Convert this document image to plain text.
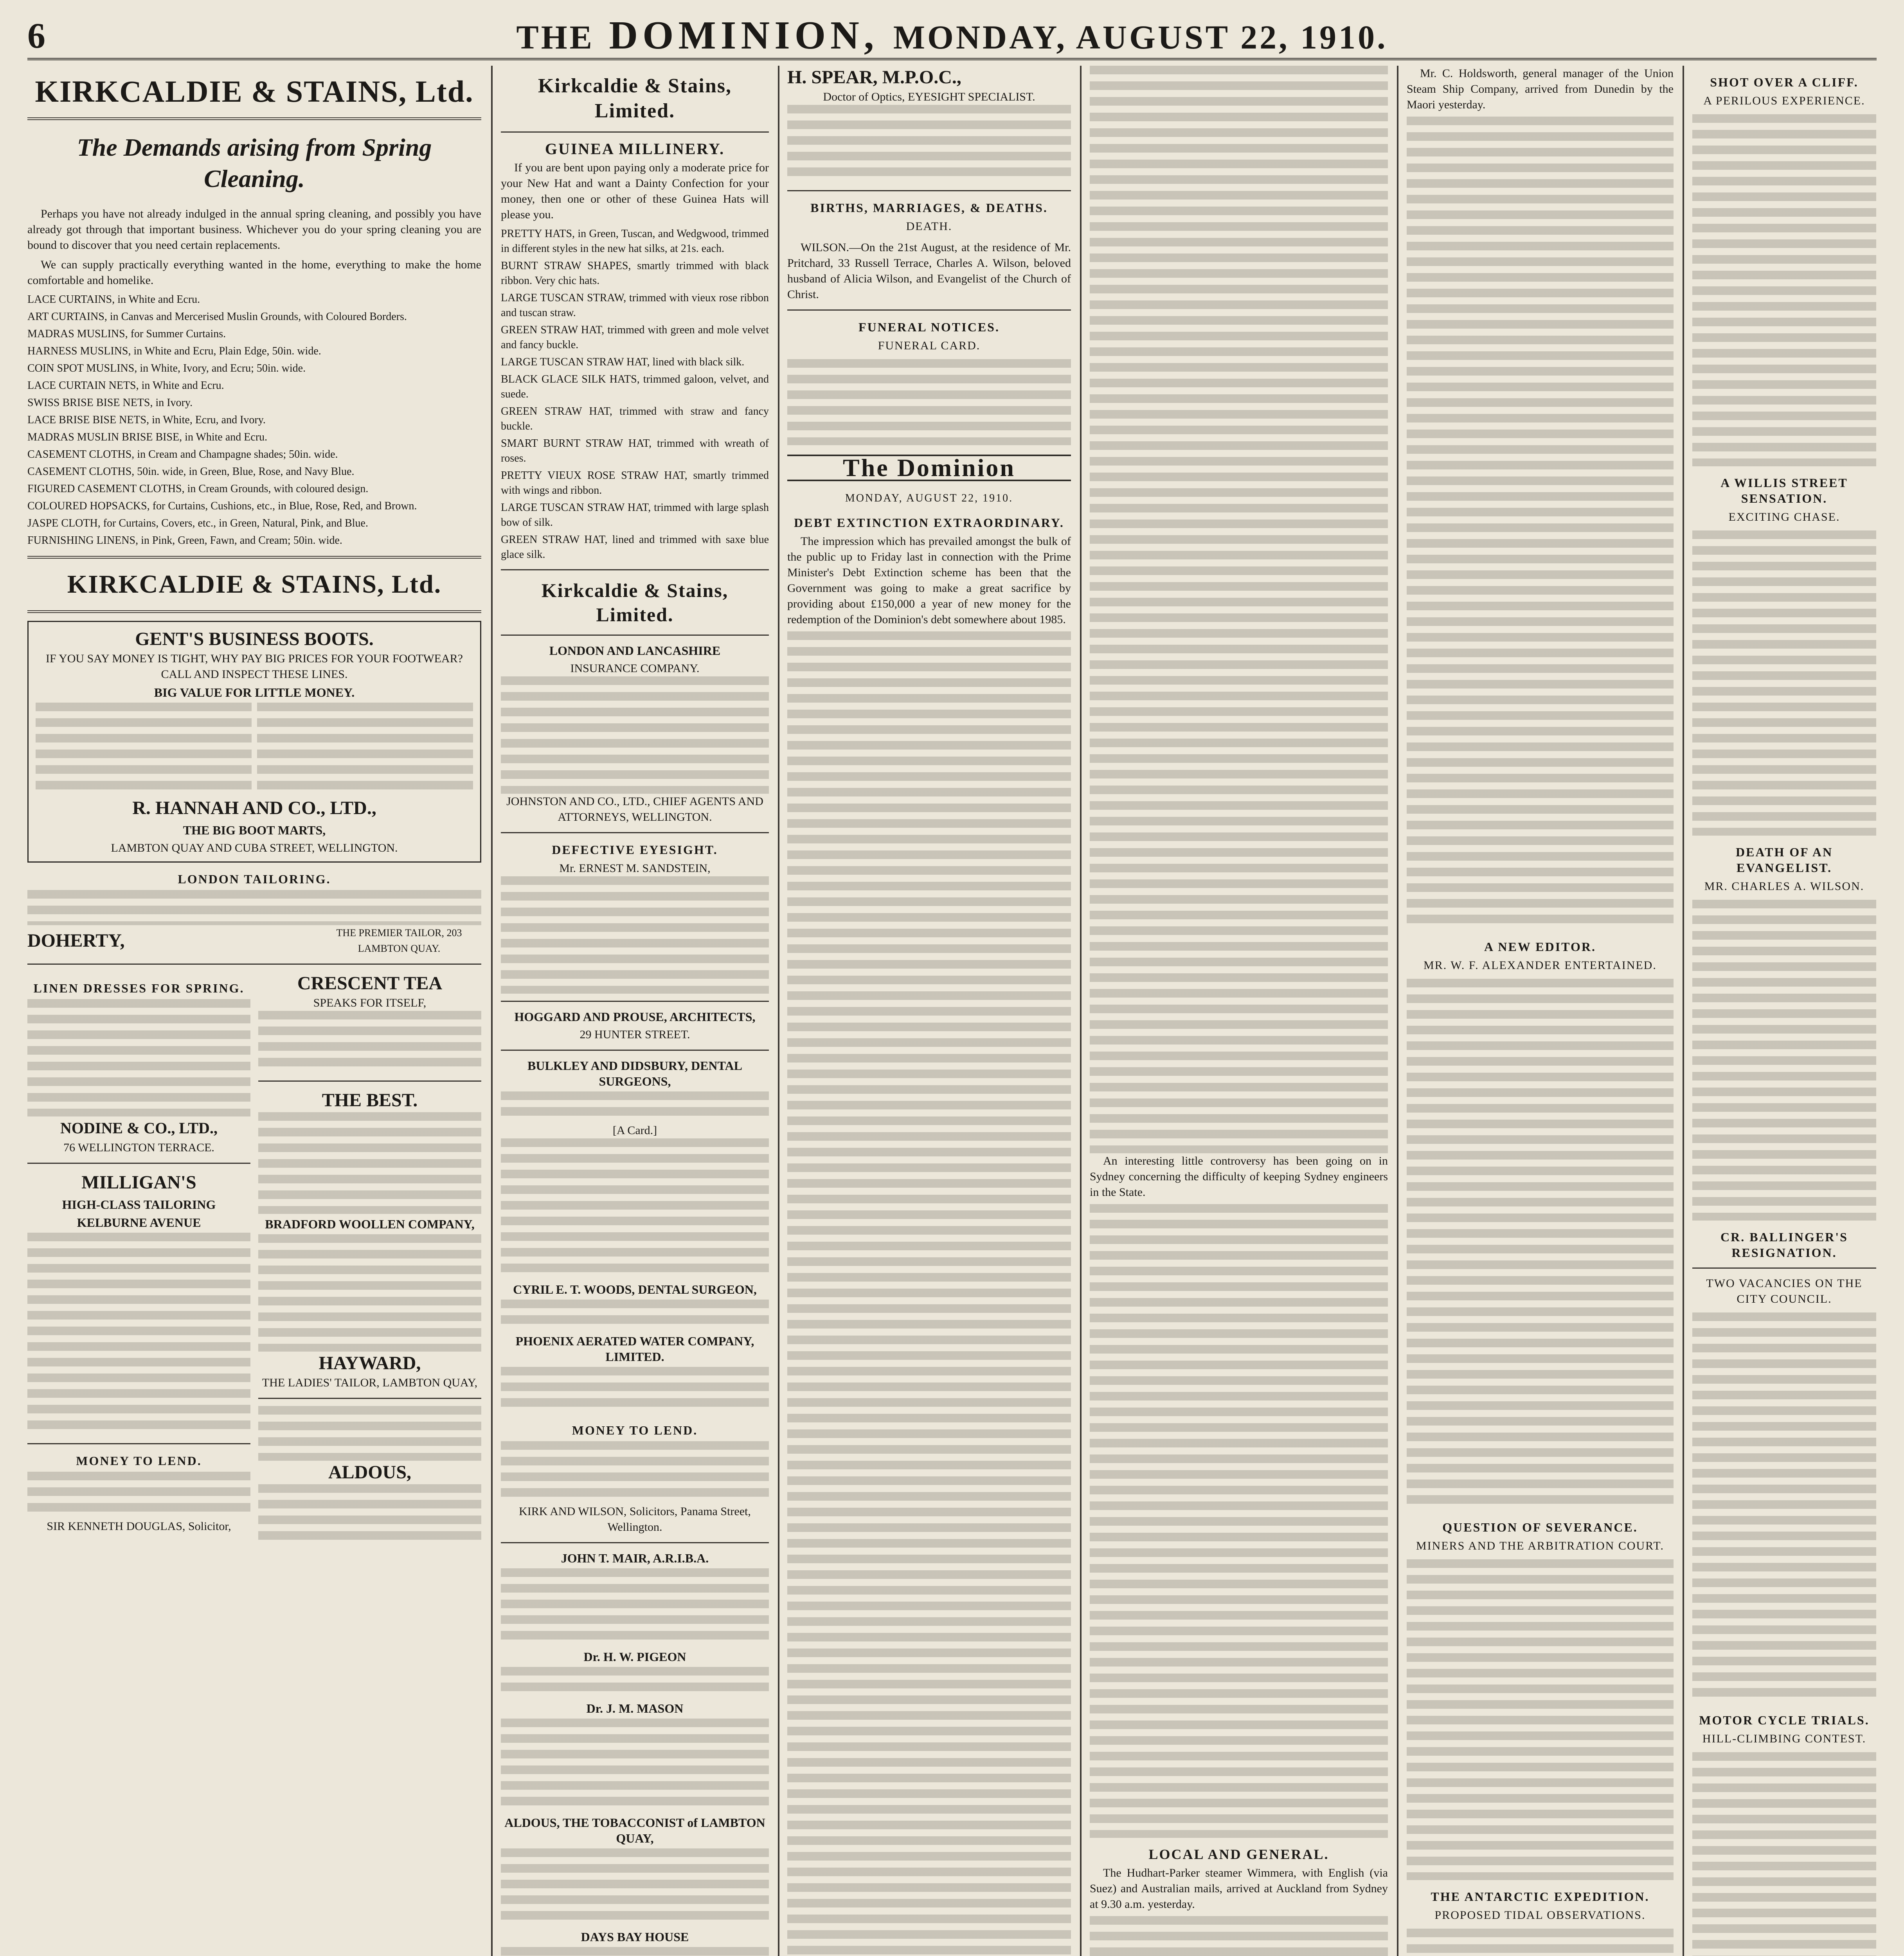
6	THE DOMINION, MONDAY, AUGUST 22, 1910.
KIRKCALDIE & STAINS, Ltd.
The Demands arising from Spring Cleaning.

Perhaps you have not already indulged in the annual spring cleaning, and possibly you have already got through that important business. Whichever you do your spring cleaning you are bound to discover that you need certain replacements.

We can supply practically everything wanted in the home, everything to make the home comfortable and homelike.

LACE CURTAINS, in White and Ecru.
ART CURTAINS, in Canvas and Mercerised Muslin Grounds, with Coloured Borders.
MADRAS MUSLINS, for Summer Curtains.
HARNESS MUSLINS, in White and Ecru, Plain Edge, 50in. wide.
COIN SPOT MUSLINS, in White, Ivory, and Ecru; 50in. wide.
LACE CURTAIN NETS, in White and Ecru.
SWISS BRISE BISE NETS, in Ivory.
LACE BRISE BISE NETS, in White, Ecru, and Ivory.
MADRAS MUSLIN BRISE BISE, in White and Ecru.
CASEMENT CLOTHS, in Cream and Champagne shades; 50in. wide.
CASEMENT CLOTHS, 50in. wide, in Green, Blue, Rose, and Navy Blue.
FIGURED CASEMENT CLOTHS, in Cream Grounds, with coloured design.
COLOURED HOPSACKS, for Curtains, Cushions, etc., in Blue, Rose, Red, and Brown.
JASPE CLOTH, for Curtains, Covers, etc., in Green, Natural, Pink, and Blue.
FURNISHING LINENS, in Pink, Green, Fawn, and Cream; 50in. wide.
KIRKCALDIE & STAINS, Ltd.
GENT'S BUSINESS BOOTS.
IF YOU SAY MONEY IS TIGHT, WHY PAY BIG PRICES FOR YOUR FOOTWEAR? CALL AND INSPECT THESE LINES.
BIG VALUE FOR LITTLE MONEY.
R. HANNAH AND CO., LTD.,
THE BIG BOOT MARTS,
LAMBTON QUAY AND CUBA STREET, WELLINGTON.
LONDON TAILORING.
DOHERTY,	THE PREMIER TAILOR, 203 LAMBTON QUAY.
LINEN DRESSES FOR SPRING.
NODINE & CO., LTD.,
76 WELLINGTON TERRACE.
MILLIGAN'S
HIGH-CLASS TAILORING
KELBURNE AVENUE
MONEY TO LEND.
SIR KENNETH DOUGLAS, Solicitor,
CRESCENT TEA
SPEAKS FOR ITSELF,
THE BEST.
BRADFORD WOOLLEN COMPANY,
HAYWARD,
THE LADIES' TAILOR, LAMBTON QUAY,
ALDOUS,
Kirkcaldie & Stains, Limited.
GUINEA MILLINERY.

If you are bent upon paying only a moderate price for your New Hat and want a Dainty Confection for your money, then one or other of these Guinea Hats will please you.

PRETTY HATS, in Green, Tuscan, and Wedgwood, trimmed in different styles in the new hat silks, at 21s. each.
BURNT STRAW SHAPES, smartly trimmed with black ribbon. Very chic hats.
LARGE TUSCAN STRAW, trimmed with vieux rose ribbon and tuscan straw.
GREEN STRAW HAT, trimmed with green and mole velvet and fancy buckle.
LARGE TUSCAN STRAW HAT, lined with black silk.
BLACK GLACE SILK HATS, trimmed galoon, velvet, and suede.
GREEN STRAW HAT, trimmed with straw and fancy buckle.
SMART BURNT STRAW HAT, trimmed with wreath of roses.
PRETTY VIEUX ROSE STRAW HAT, smartly trimmed with wings and ribbon.
LARGE TUSCAN STRAW HAT, trimmed with large splash bow of silk.
GREEN STRAW HAT, lined and trimmed with saxe blue glace silk.
Kirkcaldie & Stains, Limited.
LONDON AND LANCASHIRE
INSURANCE COMPANY.
JOHNSTON AND CO., LTD., CHIEF AGENTS AND ATTORNEYS, WELLINGTON.
DEFECTIVE EYESIGHT.
Mr. ERNEST M. SANDSTEIN,
HOGGARD AND PROUSE, ARCHITECTS,
29 HUNTER STREET.
BULKLEY AND DIDSBURY, DENTAL SURGEONS,
[A Card.]
CYRIL E. T. WOODS, DENTAL SURGEON,
PHOENIX AERATED WATER COMPANY, LIMITED.
MONEY TO LEND.
KIRK AND WILSON, Solicitors, Panama Street, Wellington.
JOHN T. MAIR, A.R.I.B.A.
Dr. H. W. PIGEON
Dr. J. M. MASON
ALDOUS, THE TOBACCONIST of LAMBTON QUAY,
DAYS BAY HOUSE
H. SPEAR, M.P.O.C.,
Doctor of Optics, EYESIGHT SPECIALIST.
BIRTHS, MARRIAGES, & DEATHS.
DEATH.

WILSON.—On the 21st August, at the residence of Mr. Pritchard, 33 Russell Terrace, Charles A. Wilson, beloved husband of Alicia Wilson, and Evangelist of the Church of Christ.

FUNERAL NOTICES.
FUNERAL CARD.
The Dominion
MONDAY, AUGUST 22, 1910.
DEBT EXTINCTION EXTRAORDINARY.

The impression which has prevailed amongst the bulk of the public up to Friday last in connection with the Prime Minister's Debt Extinction scheme has been that the Government was going to make a great sacrifice by providing about £150,000 a year of new money for the redemption of the Dominion's debt somewhere about 1985.

An interesting little controversy has been going on in Sydney concerning the difficulty of keeping Sydney engineers in the State.

LOCAL AND GENERAL.

The Hudhart-Parker steamer Wimmera, with English (via Suez) and Australian mails, arrived at Auckland from Sydney at 9.30 a.m. yesterday.

Mr. C. Holdsworth, general manager of the Union Steam Ship Company, arrived from Dunedin by the Maori yesterday.

A NEW EDITOR.
MR. W. F. ALEXANDER ENTERTAINED.
QUESTION OF SEVERANCE.
MINERS AND THE ARBITRATION COURT.
THE ANTARCTIC EXPEDITION.
PROPOSED TIDAL OBSERVATIONS.
SHOT OVER A CLIFF.
A PERILOUS EXPERIENCE.
A WILLIS STREET SENSATION.
EXCITING CHASE.
DEATH OF AN EVANGELIST.
MR. CHARLES A. WILSON.
CR. BALLINGER'S RESIGNATION.
TWO VACANCIES ON THE CITY COUNCIL.
MOTOR CYCLE TRIALS.
HILL-CLIMBING CONTEST.
